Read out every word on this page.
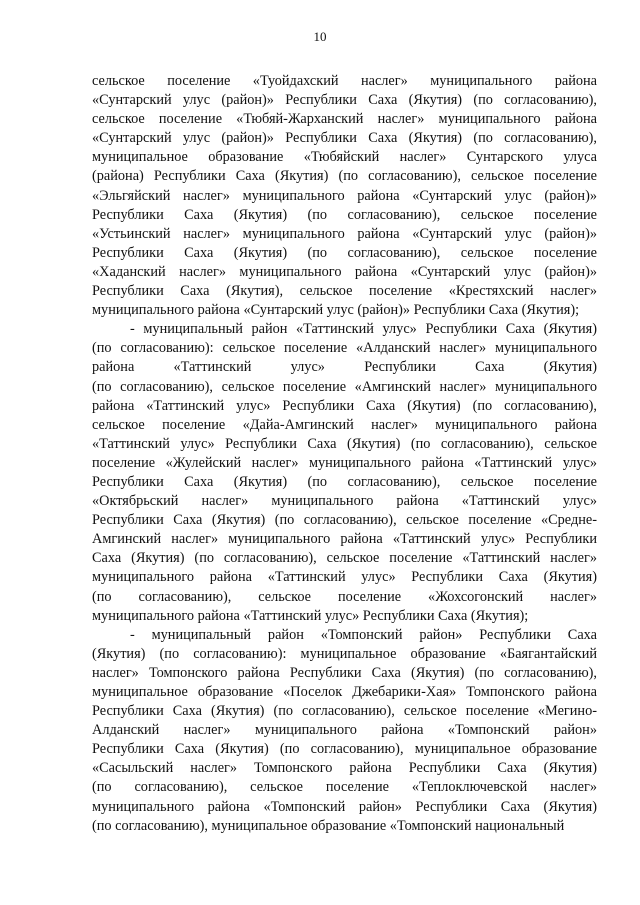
10
сельское поселение «Туойдахский наслег» муниципального района
«Сунтарский улус (район)» Республики Саха (Якутия) (по согласованию),
сельское поселение «Тюбяй-Жарханский наслег» муниципального района
«Сунтарский улус (район)» Республики Саха (Якутия) (по согласованию),
муниципальное образование «Тюбяйский наслег» Сунтарского улуса
(района) Республики Саха (Якутия) (по согласованию), сельское поселение
«Эльгяйский наслег» муниципального района «Сунтарский улус (район)»
Республики Саха (Якутия) (по согласованию), сельское поселение
«Устьинский наслег» муниципального района «Сунтарский улус (район)»
Республики Саха (Якутия) (по согласованию), сельское поселение
«Хаданский наслег» муниципального района «Сунтарский улус (район)»
Республики Саха (Якутия), сельское поселение «Крестяхский наслег»
муниципального района «Сунтарский улус (район)» Республики Саха (Якутия);
- муниципальный район «Таттинский улус» Республики Саха (Якутия)
(по согласованию): сельское поселение «Алданский наслег» муниципального
района «Таттинский улус» Республики Саха (Якутия)
(по согласованию), сельское поселение «Амгинский наслег» муниципального
района «Таттинский улус» Республики Саха (Якутия) (по согласованию),
сельское поселение «Дайа-Амгинский наслег» муниципального района
«Таттинский улус» Республики Саха (Якутия) (по согласованию), сельское
поселение «Жулейский наслег» муниципального района «Таттинский улус»
Республики Саха (Якутия) (по согласованию), сельское поселение
«Октябрьский наслег» муниципального района «Таттинский улус»
Республики Саха (Якутия) (по согласованию), сельское поселение «Средне-
Амгинский наслег» муниципального района «Таттинский улус» Республики
Саха (Якутия) (по согласованию), сельское поселение «Таттинский наслег»
муниципального района «Таттинский улус» Республики Саха (Якутия)
(по согласованию), сельское поселение «Жохсогонский наслег»
муниципального района «Таттинский улус» Республики Саха (Якутия);
- муниципальный район «Томпонский район» Республики Саха
(Якутия) (по согласованию): муниципальное образование «Баягантайский
наслег» Томпонского района Республики Саха (Якутия) (по согласованию),
муниципальное образование «Поселок Джебарики-Хая» Томпонского района
Республики Саха (Якутия) (по согласованию), сельское поселение «Мегино-
Алданский наслег» муниципального района «Томпонский район»
Республики Саха (Якутия) (по согласованию), муниципальное образование
«Сасыльский наслег» Томпонского района Республики Саха (Якутия)
(по согласованию), сельское поселение «Теплоключевской наслег»
муниципального района «Томпонский район» Республики Саха (Якутия)
(по согласованию), муниципальное образование «Томпонский национальный
